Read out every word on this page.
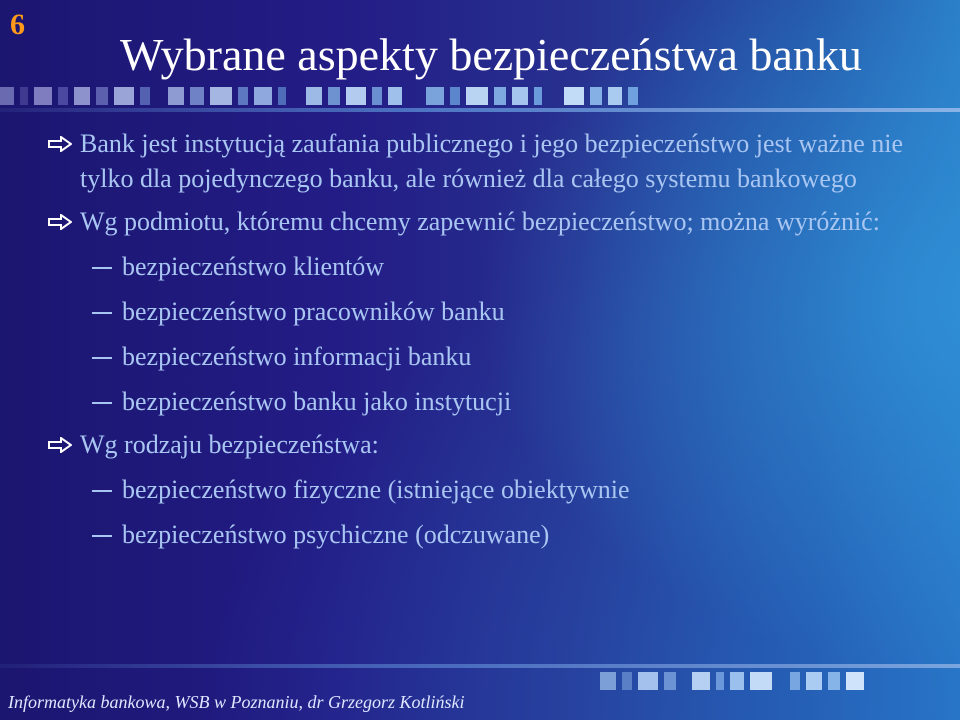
6
Wybrane aspekty bezpieczeństwa banku
Bank jest instytucją zaufania publicznego i jego bezpieczeństwo jest ważne nie tylko dla pojedynczego banku, ale również dla całego systemu bankowego
Wg podmiotu, któremu chcemy zapewnić bezpieczeństwo; można wyróżnić:
bezpieczeństwo klientów
bezpieczeństwo pracowników banku
bezpieczeństwo informacji banku
bezpieczeństwo banku jako instytucji
Wg rodzaju bezpieczeństwa:
bezpieczeństwo fizyczne (istniejące obiektywnie
bezpieczeństwo psychiczne (odczuwane)
Informatyka bankowa, WSB w Poznaniu, dr Grzegorz Kotliński
